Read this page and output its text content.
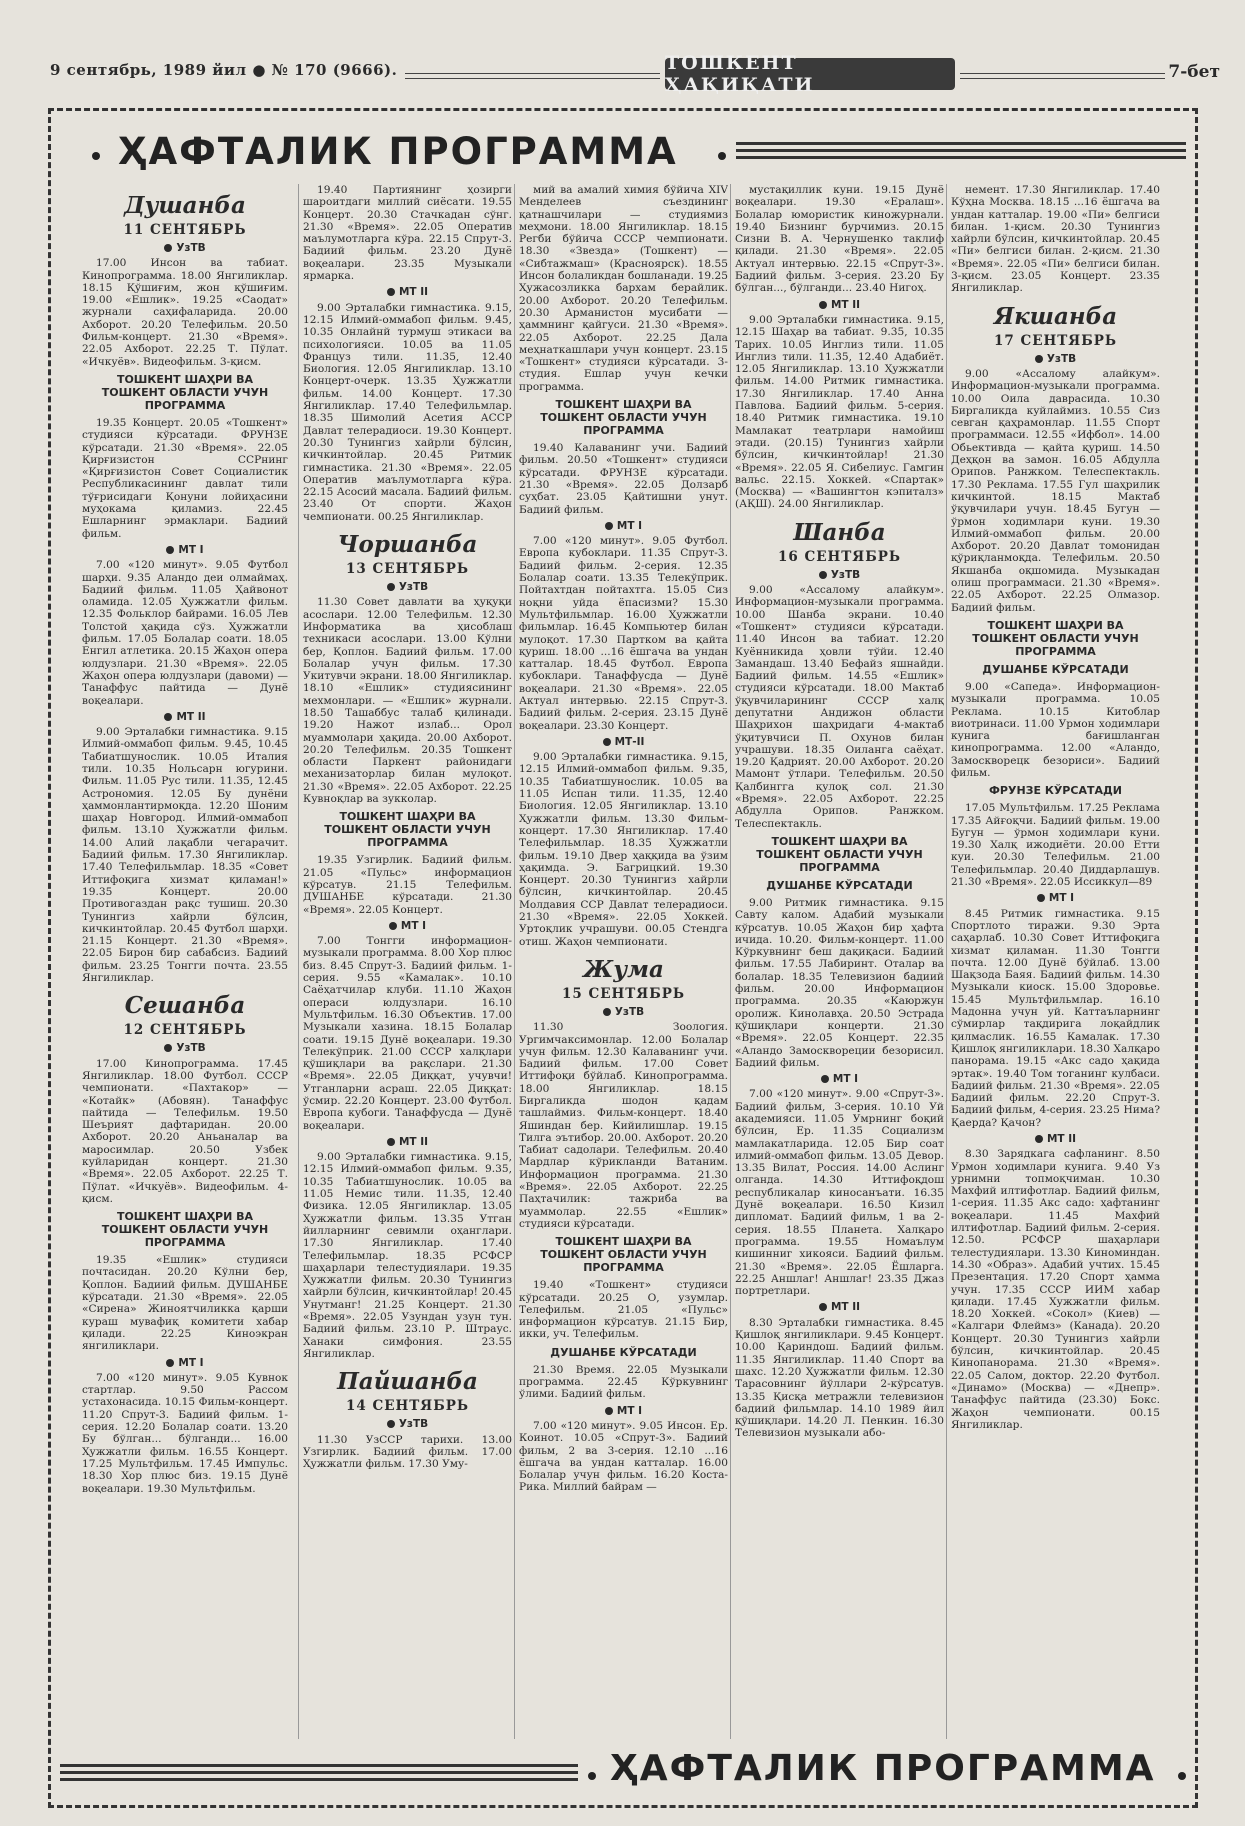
9 сентябрь, 1989 йил ● № 170 (9666).	ТОШКЕНТ ҲАҚИҚАТИ
7-бет
ҲАФТАЛИК ПРОГРАММА
Душанба
11 СЕНТЯБРЬ
УзТВ

17.00 Инсон ва табиат. Кинопрограмма. 18.00 Янгиликлар. 18.15 Қўшиғим, жон қўшиғим. 19.00 «Ешлик». 19.25 «Саодат» журнали саҳифаларида. 20.00 Ахборот. 20.20 Телефильм. 20.50 Фильм-концерт. 21.30 «Время». 22.05 Ахборот. 22.25 Т. Пўлат. «Ичкуёв». Видеофильм. 3-қисм.

ТОШКЕНТ ШАҲРИ ВА ТОШКЕНТ ОБЛАСТИ УЧУН ПРОГРАММА

19.35 Концерт. 20.05 «Тошкент» студияси кўрсатади. ФРУНЗЕ кўрсатади. 21.30 «Время». 22.05 Қирғизистон ССРнинг «Қирғизистон Совет Социалистик Республикасининг давлат тили тўғрисидаги Қонуни лойиҳасини муҳокама қиламиз. 22.45 Ешларнинг эрмаклари. Бадиий фильм.

МТ I

7.00 «120 минут». 9.05 Футбол шарҳи. 9.35 Аландо деи олмаймаҳ. Бадиий фильм. 11.05 Ҳайвонот оламида. 12.05 Ҳужжатли фильм. 12.35 Фольклор байрами. 16.05 Лев Толстой ҳақида сўз. Ҳужжатли фильм. 17.05 Болалар соати. 18.05 Енгил атлетика. 20.15 Жаҳон опера юлдузлари. 21.30 «Время». 22.05 Жаҳон опера юлдузлари (давоми) — Танаффус пайтида — Дунё воқеалари.

МТ II

9.00 Эрталабки гимнастика. 9.15 Илмий-оммабоп фильм. 9.45, 10.45 Табиатшунослик. 10.05 Италия тили. 10.35 Нольсарн югурини. Фильм. 11.05 Рус тили. 11.35, 12.45 Астрономия. 12.05 Бу дунёни ҳаммонлантирмоқда. 12.20 Шоним шаҳар Новгород. Илмий-оммабоп фильм. 13.10 Ҳужжатли фильм. 14.00 Алий лақабли чегарачит. Бадиий фильм. 17.30 Янгиликлар. 17.40 Телефильмлар. 18.35 «Совет Иттифоқига хизмат қиламан!» 19.35 Концерт. 20.00 Противогаздан рақс тушиш. 20.30 Тунингиз хайрли бўлсин, кичкинтойлар. 20.45 Футбол шарҳи. 21.15 Концерт. 21.30 «Время». 22.05 Бирон бир сабабсиз. Бадиий фильм. 23.25 Тонгги почта. 23.55 Янгиликлар.

Сешанба
12 СЕНТЯБРЬ
УзТВ

17.00 Кинопрограмма. 17.45 Янгиликлар. 18.00 Футбол. СССР чемпионати. «Пахтакор» — «Котайк» (Абовян). Танаффус пайтида — Телефильм. 19.50 Шеърият дафтаридан. 20.00 Ахборот. 20.20 Аньаналар ва маросимлар. 20.50 Узбек куйларидан концерт. 21.30 «Время». 22.05 Ахборот. 22.25 Т. Пўлат. «Ичкуёв». Видеофильм. 4-қисм.

ТОШКЕНТ ШАҲРИ ВА ТОШКЕНТ ОБЛАСТИ УЧУН ПРОГРАММА

19.35 «Ешлик» студияси почтасидан. 20.20 Кўлни бер, Қоплон. Бадиий фильм. ДУШАНБЕ кўрсатади. 21.30 «Время». 22.05 «Сирена» Жиноятчиликка қарши кураш мувафиқ комитети хабар қилади. 22.25 Киноэкран янгиликлари.

МТ I

7.00 «120 минут». 9.05 Кувнок стартлар. 9.50 Рассом устахонасида. 10.15 Фильм-концерт. 11.20 Спрут-3. Бадиий фильм. 1-серия. 12.20 Болалар соати. 13.20 Бу бўлган... бўлганди... 16.00 Ҳужжатли фильм. 16.55 Концерт. 17.25 Мультфильм. 17.45 Импульс. 18.30 Хор плюс биз. 19.15 Дунё воқеалари. 19.30 Мультфильм.

19.40 Партиянинг ҳозирги шароитдаги миллий сиёсати. 19.55 Концерт. 20.30 Стачкадан сўнг. 21.30 «Время». 22.05 Оператив маълумотларга кўра. 22.15 Спрут-3. Бадиий фильм. 23.20 Дунё воқеалари. 23.35 Музыкали ярмарка.

МТ II

9.00 Эрталабки гимнастика. 9.15, 12.15 Илмий-оммабоп фильм. 9.45, 10.35 Онлайнй турмуш этикаси ва психологияси. 10.05 ва 11.05 Француз тили. 11.35, 12.40 Биология. 12.05 Янгиликлар. 13.10 Концерт-очерк. 13.35 Ҳужжатли фильм. 14.00 Концерт. 17.30 Янгиликлар. 17.40 Телефильмлар. 18.35 Шимолий Асетия АССР Давлат телерадиоси. 19.30 Концерт. 20.30 Тунингиз хайрли бўлсин, кичкинтойлар. 20.45 Ритмик гимнастика. 21.30 «Время». 22.05 Оператив маълумотларга кўра. 22.15 Асосий масала. Бадиий фильм. 23.40 От спорти. Жаҳон чемпионати. 00.25 Янгиликлар.

Чоршанба
13 СЕНТЯБРЬ
УзТВ

11.30 Совет давлати ва ҳуқуқи асослари. 12.00 Телефильм. 12.30 Информатика ва ҳисоблаш техникаси асослари. 13.00 Кўлни бер, Қоплон. Бадиий фильм. 17.00 Болалар учун фильм. 17.30 Укитувчи экрани. 18.00 Янгиликлар. 18.10 «Ешлик» студиясининг мехмонлари. — «Ешлик» журнали. 18.50 Ташаббус талаб қилинади. 19.20 Нажот излаб... Орол муаммолари ҳақида. 20.00 Ахборот. 20.20 Телефильм. 20.35 Тошкент области Паркент районидаги механизаторлар билан мулоқот. 21.30 «Время». 22.05 Ахборот. 22.25 Кувноқлар ва зукколар.

ТОШКЕНТ ШАҲРИ ВА ТОШКЕНТ ОБЛАСТИ УЧУН ПРОГРАММА

19.35 Узгирлик. Бадиий фильм. 21.05 «Пульс» информацион кўрсатув. 21.15 Телефильм. ДУШАНБЕ кўрсатади. 21.30 «Время». 22.05 Концерт.

МТ I

7.00 Тонгги информацион-музыкали программа. 8.00 Хор плюс биз. 8.45 Спрут-3. Бадиий фильм. 1-серия. 9.55 «Камалак». 10.10 Саёҳатчилар клуби. 11.10 Жаҳон операси юлдузлари. 16.10 Мультфильм. 16.30 Объектив. 17.00 Музыкали хазина. 18.15 Болалар соати. 19.15 Дунё воқеалари. 19.30 Телекўприк. 21.00 СССР халқлари қўшиқлари ва рақслари. 21.30 «Время». 22.05 Диққат, учувчи! Утганларни асраш. 22.05 Диққат: ўсмир. 22.20 Концерт. 23.00 Футбол. Европа кубоги. Танаффусда — Дунё воқеалари.

МТ II

9.00 Эрталабки гимнастика. 9.15, 12.15 Илмий-оммабоп фильм. 9.35, 10.35 Табиатшунослик. 10.05 ва 11.05 Немис тили. 11.35, 12.40 Физика. 12.05 Янгиликлар. 13.05 Ҳужжатли фильм. 13.35 Утган йилларнинг севимли оҳанглари. 17.30 Янгиликлар. 17.40 Телефильмлар. 18.35 РСФСР шаҳарлари телестудиялари. 19.35 Ҳужжатли фильм. 20.30 Тунингиз хайрли бўлсин, кичкинтойлар! 20.45 Унутманг! 21.25 Концерт. 21.30 «Время». 22.05 Узундан узун тун. Бадиий фильм. 23.10 Р. Штраус. Ханаки симфония. 23.55 Янгиликлар.

Пайшанба
14 СЕНТЯБРЬ
УзТВ

11.30 УзССР тарихи. 13.00 Узгирлик. Бадиий фильм. 17.00 Ҳужжатли фильм. 17.30 Уму-

мий ва амалий химия бўйича XIV Менделеев съездининг қатнашчилари — студиямиз меҳмони. 18.00 Янгиликлар. 18.15 Регби бўйича СССР чемпионати. 18.30 «Звезда» (Тошкент) — «Сибтажмаш» (Красноярск). 18.55 Инсон болаликдан бошланади. 19.25 Ҳужасозликка бархам берайлик. 20.00 Ахборот. 20.20 Телефильм. 20.30 Арманистон мусибати — ҳаммнинг қайгуси. 21.30 «Время». 22.05 Ахборот. 22.25 Дала меҳнаткашлари учун концерт. 23.15 «Тошкент» студияси кўрсатади. 3-студия. Ешлар учун кечки программа.

ТОШКЕНТ ШАҲРИ ВА ТОШКЕНТ ОБЛАСТИ УЧУН ПРОГРАММА

19.40 Калаванинг учи. Бадиий фильм. 20.50 «Тошкент» студияси кўрсатади. ФРУНЗЕ кўрсатади. 21.30 «Время». 22.05 Долзарб суҳбат. 23.05 Қайтишни унут. Бадиий фильм.

МТ I

7.00 «120 минут». 9.05 Футбол. Европа кубоклари. 11.35 Спрут-3. Бадиий фильм. 2-серия. 12.35 Болалар соати. 13.35 Телекўприк. Пойтахтдан пойтахтга. 15.05 Сиз ноқни уйда ёпасизми? 15.30 Мультфильмлар. 16.00 Ҳужжатли фильмлар. 16.45 Компьютер билан мулоқот. 17.30 Партком ва қайта қуриш. 18.00 ...16 ёшгача ва ундан катталар. 18.45 Футбол. Европа кубоклари. Танаффусда — Дунё воқеалари. 21.30 «Время». 22.05 Актуал интервью. 22.15 Спрут-3. Бадиий фильм. 2-серия. 23.15 Дунё воқеалари. 23.30 Концерт.

МТ-II

9.00 Эрталабки гимнастика. 9.15, 12.15 Илмий-оммабоп фильм. 9.35, 10.35 Табиатшунослик. 10.05 ва 11.05 Испан тили. 11.35, 12.40 Биология. 12.05 Янгиликлар. 13.10 Ҳужжатли фильм. 13.30 Фильм-концерт. 17.30 Янгиликлар. 17.40 Телефильмлар. 18.35 Ҳужжатли фильм. 19.10 Двер ҳаққида ва ўзим ҳақимда. Э. Багрицкий. 19.30 Концерт. 20.30 Тунингиз хайрли бўлсин, кичкинтойлар. 20.45 Молдавия ССР Давлат телерадиоси. 21.30 «Время». 22.05 Хоккей. Уртоқлик учрашуви. 00.05 Стендга отиш. Жаҳон чемпионати.

Жума
15 СЕНТЯБРЬ
УзТВ

11.30 Зоология. Ургимчаксимонлар. 12.00 Болалар учун фильм. 12.30 Калаванинг учи. Бадиий фильм. 17.00 Совет Иттифоқи бўйлаб. Кинопрограмма. 18.00 Янгиликлар. 18.15 Биргаликда шодон қадам ташлаймиз. Фильм-концерт. 18.40 Яшиндан бер. Кийилишлар. 19.15 Тилга эътибор. 20.00. Ахборот. 20.20 Табиат садолари. Телефильм. 20.40 Мардлар кўрикланди Ватаним. Информацион программа. 21.30 «Время». 22.05 Ахборот. 22.25 Паҳтачилик: тажриба ва муаммолар. 22.55 «Ешлик» студияси кўрсатади.

ТОШКЕНТ ШАҲРИ ВА ТОШКЕНТ ОБЛАСТИ УЧУН ПРОГРАММА

19.40 «Тошкент» студияси кўрсатади. 20.25 О, узумлар. Телефильм. 21.05 «Пульс» информацион кўрсатув. 21.15 Бир, икки, уч. Телефильм.

ДУШАНБЕ КЎРСАТАДИ

21.30 Время. 22.05 Музыкали программа. 22.45 Кўркувнинг ўлими. Бадиий фильм.

МТ I

7.00 «120 минут». 9.05 Инсон. Ер. Коинот. 10.05 «Спрут-3». Бадиий фильм, 2 ва 3-серия. 12.10 ...16 ёшгача ва ундан катталар. 16.00 Болалар учун фильм. 16.20 Коста-Рика. Миллий байрам —

мустақиллик куни. 19.15 Дунё воқеалари. 19.30 «Ералаш». Болалар юмористик киножурнали. 19.40 Бизнинг бурчимиз. 20.15 Сизни В. А. Чернушенко таклиф қилади. 21.30 «Время». 22.05 Актуал интервью. 22.15 «Спрут-3». Бадиий фильм. 3-серия. 23.20 Бу бўлган..., бўлганди... 23.40 Нигоҳ.

МТ II

9.00 Эрталабки гимнастика. 9.15, 12.15 Шаҳар ва табиат. 9.35, 10.35 Тарих. 10.05 Инглиз тили. 11.05 Инглиз тили. 11.35, 12.40 Адабиёт. 12.05 Янгиликлар. 13.10 Ҳужжатли фильм. 14.00 Ритмик гимнастика. 17.30 Янгиликлар. 17.40 Анна Павлова. Бадиий фильм. 5-серия. 18.40 Ритмик гимнастика. 19.10 Мамлакат театрлари намойиш этади. (20.15) Тунингиз хайрли бўлсин, кичкинтойлар! 21.30 «Время». 22.05 Я. Сибелиус. Гамгин вальс. 22.15. Хоккей. «Спартак» (Москва) — «Вашингтон кэпиталз» (АҚШ). 24.00 Янгиликлар.

Шанба
16 СЕНТЯБРЬ
УзТВ

9.00 «Ассалому алайкум». Информацион-музыкали программа. 10.00 Шанба экрани. 10.40 «Тошкент» студияси кўрсатади. 11.40 Инсон ва табиат. 12.20 Куённикида ҳовли тўйи. 12.40 Замандаш. 13.40 Бефайз яшнайди. Бадиий фильм. 14.55 «Ешлик» студияси кўрсатади. 18.00 Мактаб ўқувчиларининг СССР халқ депутатни Андижон области Шаҳрихон шаҳридаги 4-мактаб ўқитувчиси П. Охунов билан учрашуви. 18.35 Оиланга саёҳат. 19.20 Қадрият. 20.00 Ахборот. 20.20 Мамонт ўтлари. Телефильм. 20.50 Қалбингга қулоқ сол. 21.30 «Время». 22.05 Ахборот. 22.25 Абдулла Орипов. Ранжком. Телеспектакль.

ТОШКЕНТ ШАҲРИ ВА ТОШКЕНТ ОБЛАСТИ УЧУН ПРОГРАММА
ДУШАНБЕ КЎРСАТАДИ

9.00 Ритмик гимнастика. 9.15 Савту калом. Адабий музыкали кўрсатув. 10.05 Жаҳон бир ҳафта ичида. 10.20. Фильм-концерт. 11.00 Кўркувнинг беш дақиқаси. Бадиий фильм. 17.55 Лабиринт. Оталар ва болалар. 18.35 Телевизион бадиий фильм. 20.00 Информацион программа. 20.35 «Каюржун оролиж. Кинолавҳа. 20.50 Эстрада қўшиқлари концерти. 21.30 «Время». 22.05 Концерт. 22.35 «Аландо Замосквореции безорисил. Бадиий фильм.

МТ I

7.00 «120 минут». 9.00 «Спрут-3». Бадиий фильм, 3-серия. 10.10 Уй академияси. 11.05 Умрнинг боқий бўлсин, Ер. 11.35 Социализм мамлакатларида. 12.05 Бир соат илмий-оммабоп фильм. 13.05 Девор. 13.35 Вилат, Россия. 14.00 Аслинг олганда. 14.30 Иттифоқдош республикалар киносанъати. 16.35 Дунё воқеалари. 16.50 Кизил дипломат. Бадиий фильм, 1 ва 2-серия. 18.55 Планета. Халқаро программа. 19.55 Номаълум кишинниг хикояси. Бадиий фильм. 21.30 «Время». 22.05 Ёшларга. 22.25 Аншлаг! Аншлаг! 23.35 Джаз портретлари.

МТ II

8.30 Эрталабки гимнастика. 8.45 Қишлоқ янгиликлари. 9.45 Концерт. 10.00 Қариндош. Бадиий фильм. 11.35 Янгиликлар. 11.40 Спорт ва шахс. 12.20 Ҳужжатли фильм. 12.30 Тарасовнинг йўллари 2-кўрсатув. 13.35 Қисқа метражли телевизион бадиий фильмлар. 14.10 1989 йил қўшиқлари. 14.20 Л. Пенкин. 16.30 Телевизион музыкали або-

немент. 17.30 Янгиликлар. 17.40 Кўҳна Москва. 18.15 ...16 ёшгача ва ундан катталар. 19.00 «Пи» белгиси билан. 1-қисм. 20.30 Тунингиз хайрли бўлсин, кичкинтойлар. 20.45 «Пи» белгиси билан. 2-қисм. 21.30 «Время». 22.05 «Пи» белгиси билан. 3-қисм. 23.05 Концерт. 23.35 Янгиликлар.

Якшанба
17 СЕНТЯБРЬ
УзТВ

9.00 «Ассалому алайкум». Информацион-музыкали программа. 10.00 Оила даврасида. 10.30 Биргаликда куйлаймиз. 10.55 Сиз севган қаҳрамонлар. 11.55 Спорт программаси. 12.55 «Ифбол». 14.00 Обьективда — қайта қуриш. 14.50 Деҳқон ва замон. 16.05 Абдулла Орипов. Ранжком. Телеспектакль. 17.30 Реклама. 17.55 Гул шаҳрилик кичкинтой. 18.15 Мактаб ўқувчилари учун. 18.45 Бугун — ўрмон ходимлари куни. 19.30 Илмий-оммабоп фильм. 20.00 Ахборот. 20.20 Давлат томонидан қўриқланмоқда. Телефильм. 20.50 Якшанба оқшомида. Музыкадан олиш программаси. 21.30 «Время». 22.05 Ахборот. 22.25 Олмазор. Бадиий фильм.

ТОШКЕНТ ШАҲРИ ВА ТОШКЕНТ ОБЛАСТИ УЧУН ПРОГРАММА
ДУШАНБЕ КЎРСАТАДИ

9.00 «Сапеда». Информацион-музыкали программа. 10.05 Реклама. 10.15 Китоблар виотринаси. 11.00 Урмон ходимлари кунига бағишланган кинопрограмма. 12.00 «Аландо, Замоскворецк безориси». Бадиий фильм.

ФРУНЗЕ КЎРСАТАДИ

17.05 Мультфильм. 17.25 Реклама 17.35 Айғоқчи. Бадиий фильм. 19.00 Бугун — ўрмон ходимлари куни. 19.30 Халқ ижодиёти. 20.00 Етти куи. 20.30 Телефильм. 21.00 Телефильмлар. 20.40 Диддарлашув. 21.30 «Время». 22.05 Иссиккул—89

МТ I

8.45 Ритмик гимнастика. 9.15 Спортлото тиражи. 9.30 Эрта саҳарлаб. 10.30 Совет Иттифоқига хизмат қиламан. 11.30 Тонгги почта. 12.00 Дунё бўйлаб. 13.00 Шақзода Баяя. Бадиий фильм. 14.30 Музыкали киоск. 15.00 Здоровье. 15.45 Мультфильмлар. 16.10 Мадонна учун уй. Каттаъларнинг сўмирлар тақдирига лоқайдлик қилмаслик. 16.55 Камалак. 17.30 Қишлоқ янгиликлари. 18.30 Халқаро панорама. 19.15 «Акс садо ҳақида эртак». 19.40 Том тоганинг кулбаси. Бадиий фильм. 21.30 «Время». 22.05 Бадиий фильм. 22.20 Спрут-3. Бадиий фильм, 4-серия. 23.25 Нима? Қаерда? Қачон?

МТ II

8.30 Зарядкага сафланинг. 8.50 Урмон ходимлари кунига. 9.40 Уз урнимни топмоқчиман. 10.30 Махфий илтифотлар. Бадиий фильм, 1-серия. 11.35 Акс садо: ҳафтанинг воқеалари. 11.45 Махфий илтифотлар. Бадиий фильм. 2-серия. 12.50. РСФСР шаҳарлари телестудиялари. 13.30 Киноминдан. 14.30 «Образ». Адабий учтих. 15.45 Презентация. 17.20 Спорт ҳамма учун. 17.35 СССР ИИМ хабар қилади. 17.45 Хужжатли фильм. 18.20 Хоккей. «Сокол» (Киев) — «Калгари Флеймз» (Канада). 20.20 Концерт. 20.30 Тунингиз хайрли бўлсин, кичкинтойлар. 20.45 Кинопанорама. 21.30 «Время». 22.05 Салом, доктор. 22.20 Футбол. «Динамо» (Москва) — «Днепр». Танаффус пайтида (23.30) Бокс. Жаҳон чемпионати. 00.15 Янгиликлар.

ҲАФТАЛИК ПРОГРАММА
